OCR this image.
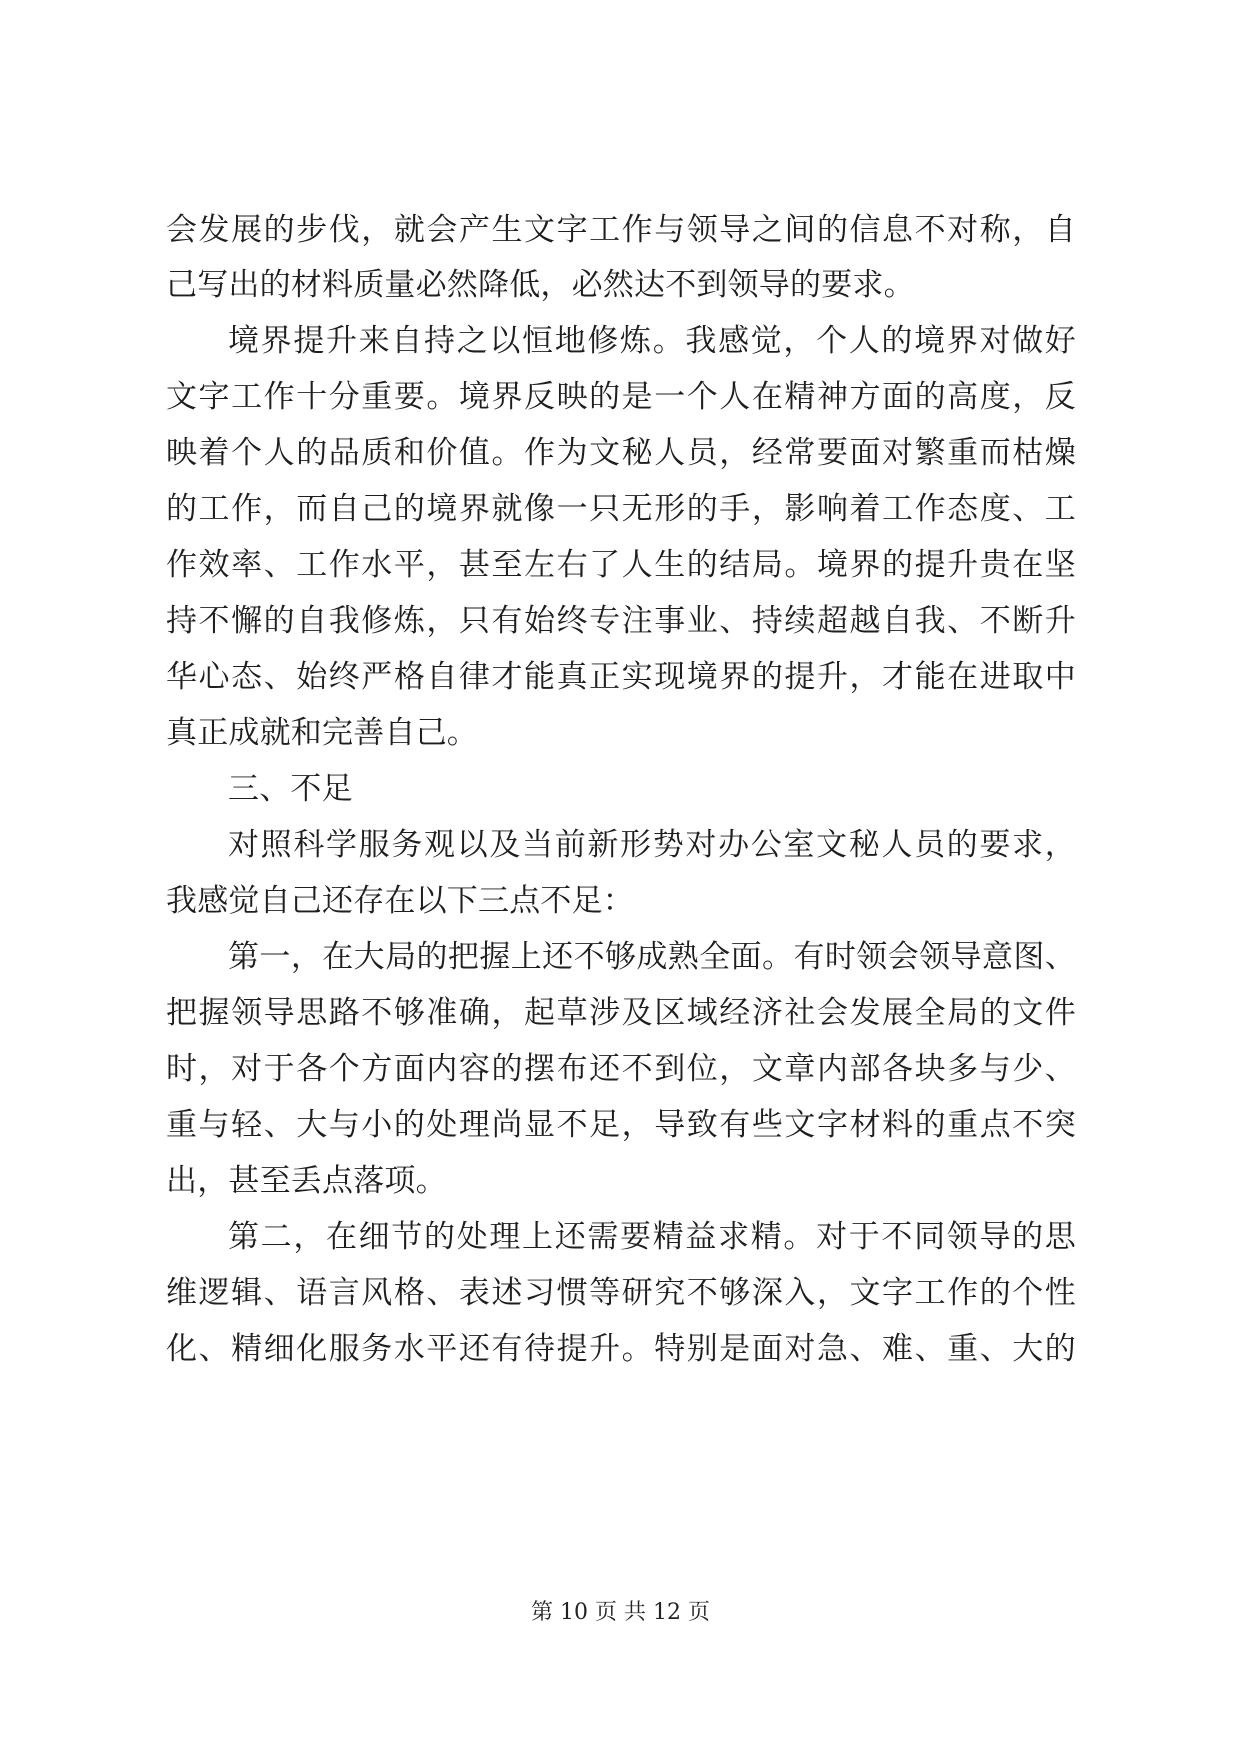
会发展的步伐，就会产生文字工作与领导之间的信息不对称，自
己写出的材料质量必然降低，必然达不到领导的要求。
境界提升来自持之以恒地修炼。我感觉，个人的境界对做好
文字工作十分重要。境界反映的是一个人在精神方面的高度，反
映着个人的品质和价值。作为文秘人员，经常要面对繁重而枯燥
的工作，而自己的境界就像一只无形的手，影响着工作态度、工
作效率、工作水平，甚至左右了人生的结局。境界的提升贵在坚
持不懈的自我修炼，只有始终专注事业、持续超越自我、不断升
华心态、始终严格自律才能真正实现境界的提升，才能在进取中
真正成就和完善自己。
三、不足
对照科学服务观以及当前新形势对办公室文秘人员的要求，
我感觉自己还存在以下三点不足：
第一，在大局的把握上还不够成熟全面。有时领会领导意图、
把握领导思路不够准确，起草涉及区域经济社会发展全局的文件
时，对于各个方面内容的摆布还不到位，文章内部各块多与少、
重与轻、大与小的处理尚显不足，导致有些文字材料的重点不突
出，甚至丢点落项。
第二，在细节的处理上还需要精益求精。对于不同领导的思
维逻辑、语言风格、表述习惯等研究不够深入，文字工作的个性
化、精细化服务水平还有待提升。特别是面对急、难、重、大的
第 10 页 共 12 页
